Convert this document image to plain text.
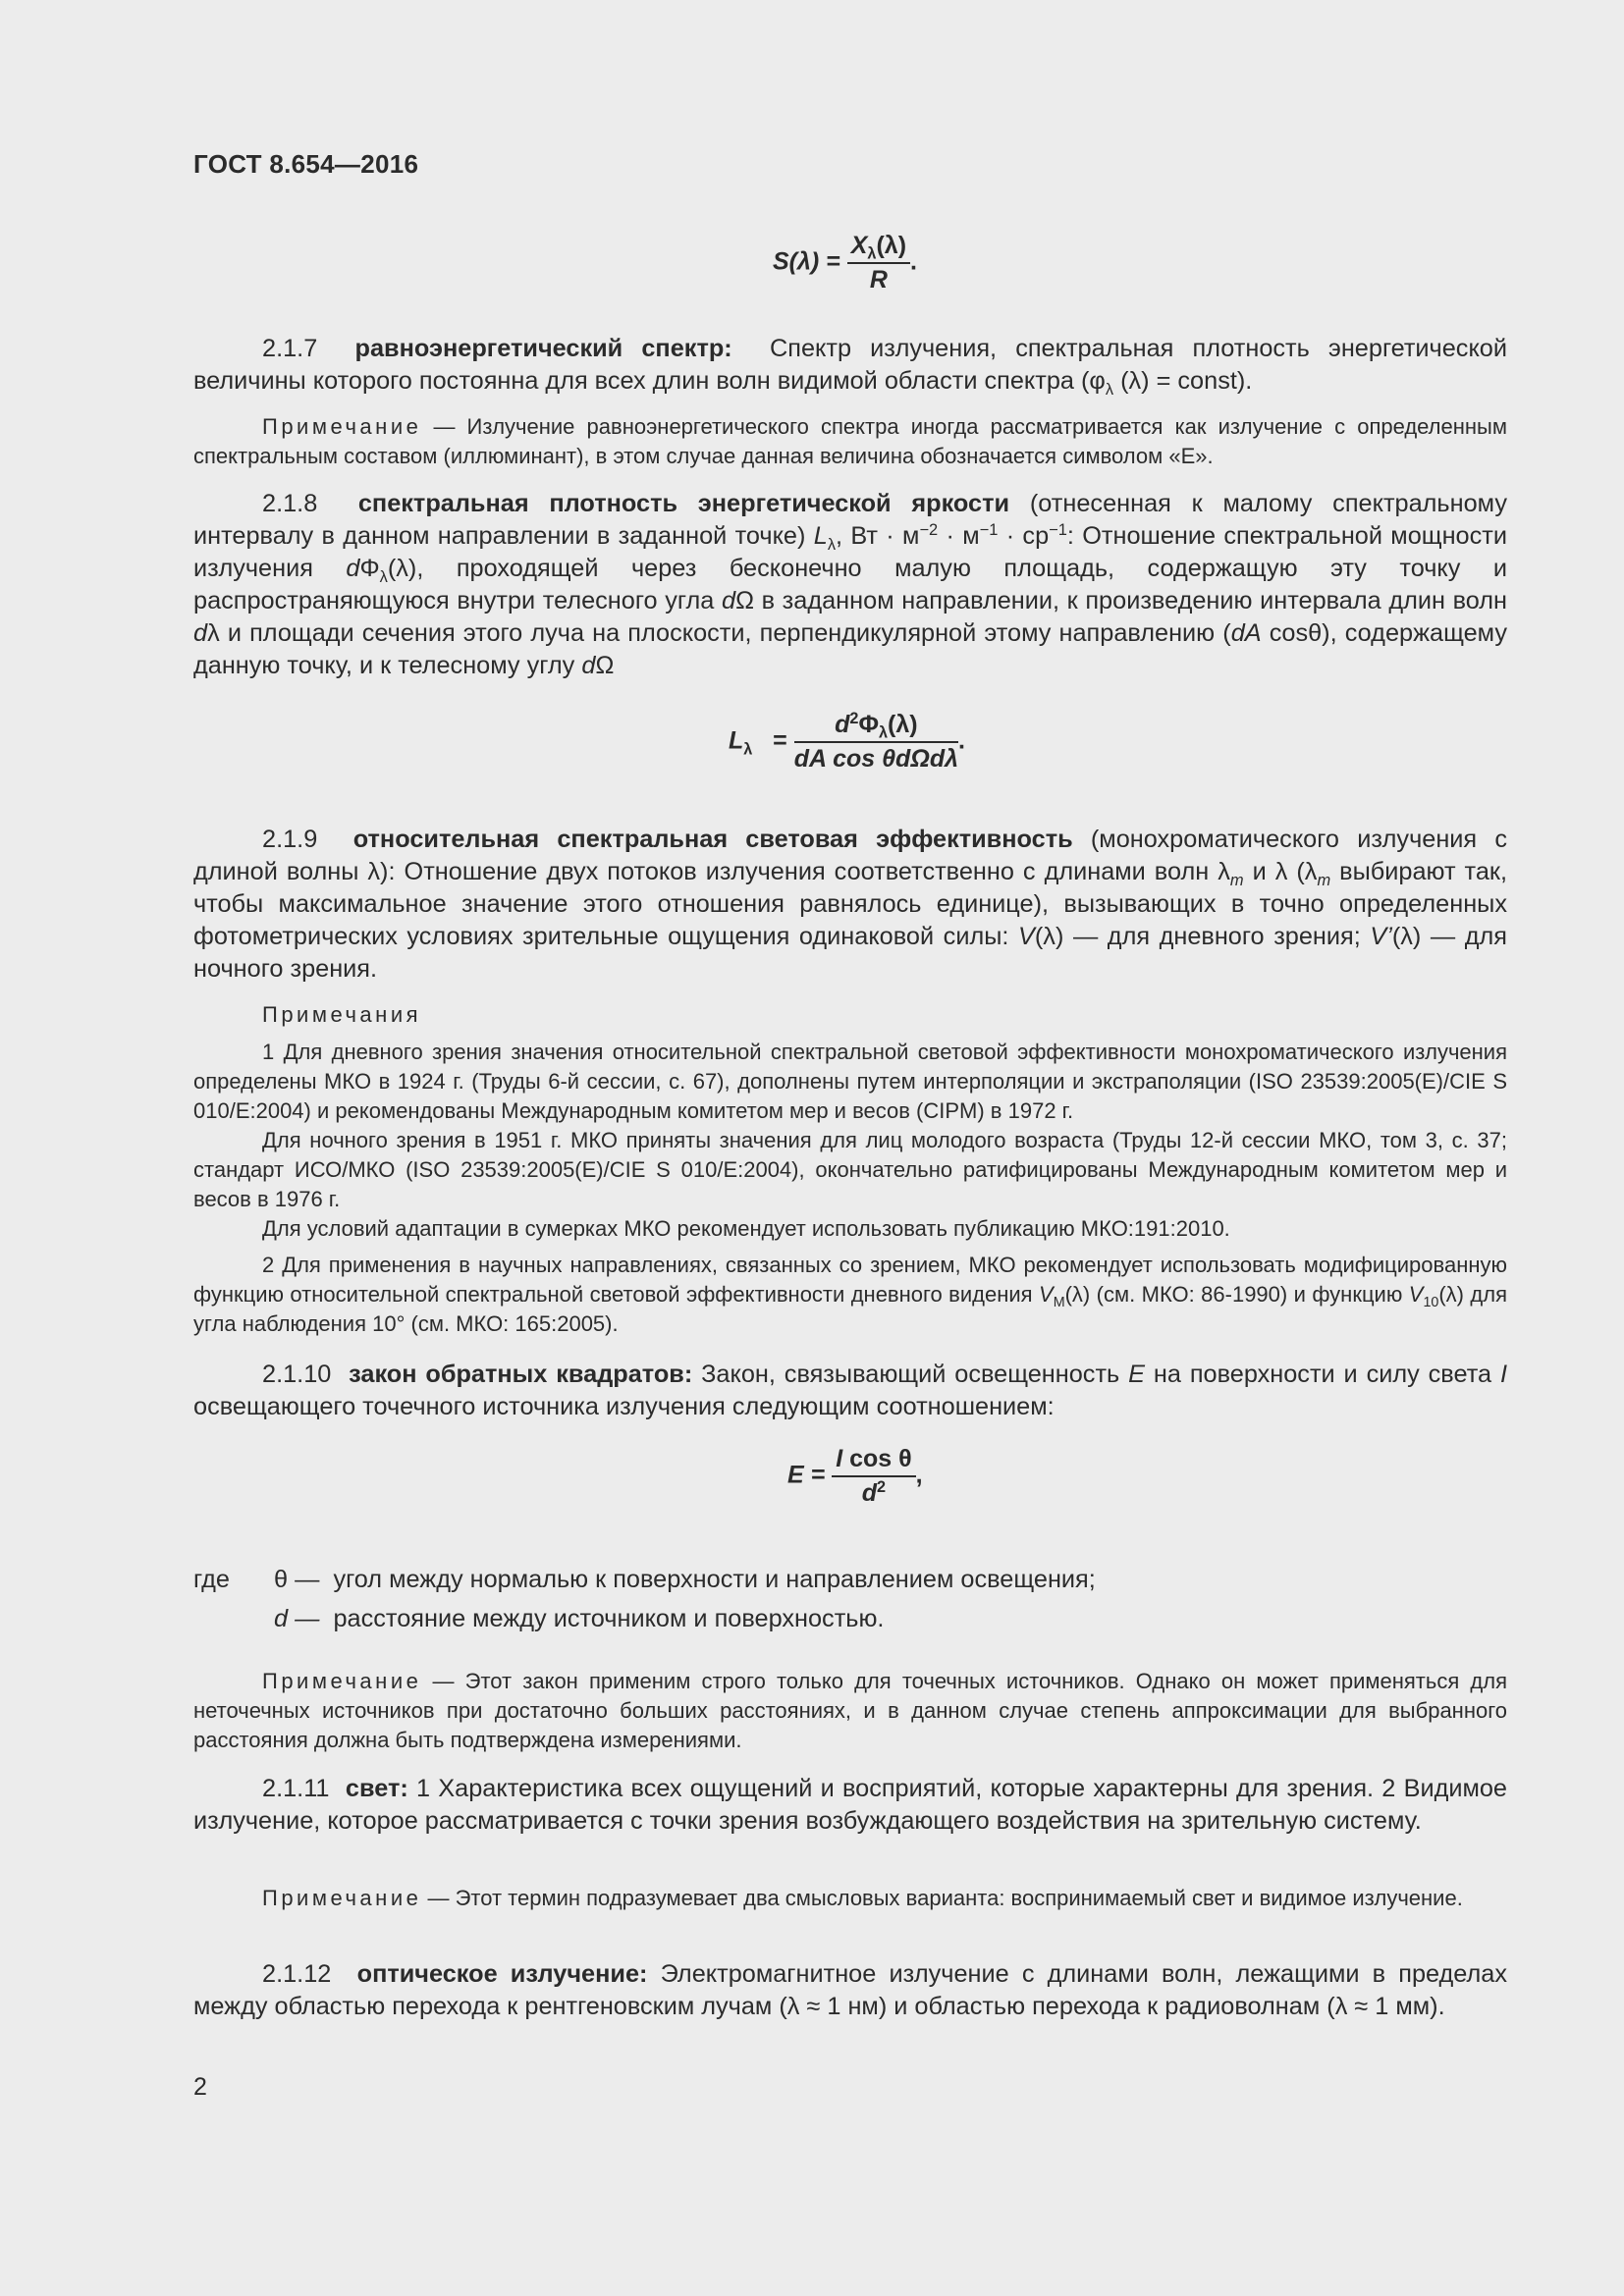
ГОСТ 8.654—2016
$S(\lambda) = \frac{X_\lambda(\lambda)}{R}$ .
2.1.7 равноэнергетический спектр: Спектр излучения, спектральная плотность энергетической величины которого постоянна для всех длин волн видимой области спектра ($\varphi_\lambda$ (λ) = const).
Примечание — Излучение равноэнергетического спектра иногда рассматривается как излучение с определенным спектральным составом (иллюминант), в этом случае данная величина обозначается символом «Е».
2.1.8 спектральная плотность энергетической яркости (отнесенная к малому спектральному интервалу в данном направлении в заданной точке) $L_\lambda$, Вт · $м^{-2} \cdot м^{-1} \cdot ср^{-1}$: Отношение спектральной мощности излучения $d\Phi_\lambda(\lambda)$, проходящей через бесконечно малую площадь, содержащую эту точку и распространяющуюся внутри телесного угла dΩ в заданном направлении, к произведению интервала длин волн dλ и площади сечения этого луча на плоскости, перпендикулярной этому направлению (dA cosθ), содержащему данную точку, и к телесному углу dΩ
$L_\lambda = \frac{d^2\Phi_\lambda(\lambda)}{\text{dA cos θdΩdλ}}$ .
2.1.9 относительная спектральная световая эффективность (монохроматического излучения с длиной волны λ): Отношение двух потоков излучения соответственно с длинами волн $\lambda_m$ и λ ($\lambda_m$ выбирают так, чтобы максимальное значение этого отношения равнялось единице), вызывающих в точно определенных фотометрических условиях зрительные ощущения одинаковой силы: V(λ) — для дневного зрения; V’(λ) — для ночного зрения.
Примечания
1 Для дневного зрения значения относительной спектральной световой эффективности монохроматического излучения определены МКО в 1924 г. (Труды 6-й сессии, с. 67), дополнены путем интерполяции и экстраполяции (ISO 23539:2005(E)/CIE S 010/E:2004) и рекомендованы Международным комитетом мер и весов (CIPM) в 1972 г.
Для ночного зрения в 1951 г. МКО приняты значения для лиц молодого возраста (Труды 12-й сессии МКО, том 3, с. 37; стандарт ИСО/МКО (ISO 23539:2005(E)/CIE S 010/E:2004), окончательно ратифицированы Международным комитетом мер и весов в 1976 г.
Для условий адаптации в сумерках МКО рекомендует использовать публикацию МКО:191:2010.
2 Для применения в научных направлениях, связанных со зрением, МКО рекомендует использовать модифицированную функцию относительной спектральной световой эффективности дневного видения $V_M(\lambda)$ (см. МКО: 86-1990) и функцию $V_{10}(\lambda)$ для угла наблюдения 10° (см. МКО: 165:2005).
2.1.10 закон обратных квадратов: Закон, связывающий освещенность E на поверхности и силу света I освещающего точечного источника излучения следующим соотношением:
$E = \frac{\text{I cos θ}}{d^2}$ ,
где θ — угол между нормалью к поверхности и направлением освещения;
d — расстояние между источником и поверхностью.
Примечание — Этот закон применим строго только для точечных источников. Однако он может применяться для неточечных источников при достаточно больших расстояниях, и в данном случае степень аппроксимации для выбранного расстояния должна быть подтверждена измерениями.
2.1.11 свет: 1 Характеристика всех ощущений и восприятий, которые характерны для зрения. 2 Видимое излучение, которое рассматривается с точки зрения возбуждающего воздействия на зрительную систему.
Примечание — Этот термин подразумевает два смысловых варианта: воспринимаемый свет и видимое излучение.
2.1.12 оптическое излучение: Электромагнитное излучение с длинами волн, лежащими в пределах между областью перехода к рентгеновским лучам (λ ≈ 1 нм) и областью перехода к радиоволнам (λ ≈ 1 мм).
2
